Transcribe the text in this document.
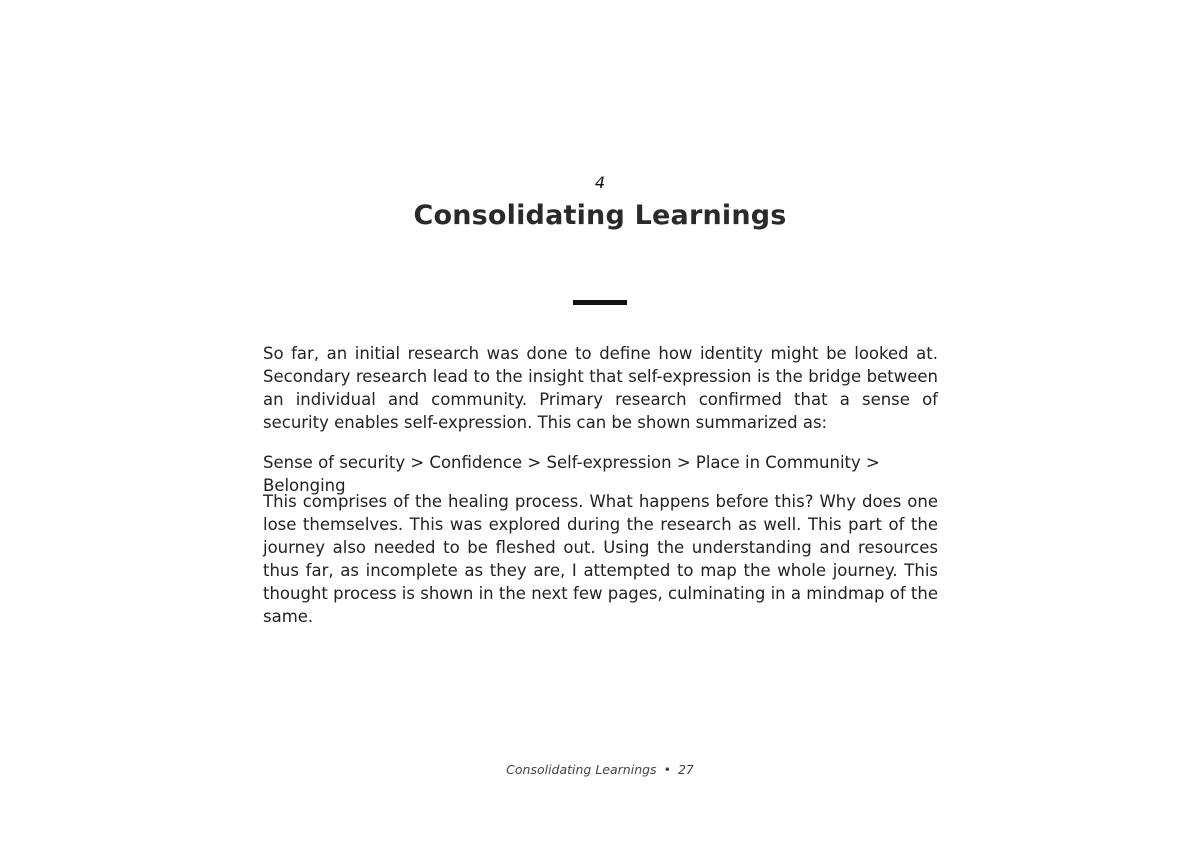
4
Consolidating Learnings

So far, an initial research was done to define how identity might be looked at. Secondary research lead to the insight that self-expression is the bridge between an individual and community. Primary research confirmed that a sense of security enables self-expression. This can be shown summarized as:

Sense of security > Confidence > Self-expression > Place in Community > Belonging

This comprises of the healing process. What happens before this? Why does one lose themselves. This was explored during the research as well. This part of the journey also needed to be fleshed out. Using the understanding and resources thus far, as incomplete as they are, I attempted to map the whole journey. This thought process is shown in the next few pages, culminating in a mindmap of the same.

Consolidating Learnings • 27
